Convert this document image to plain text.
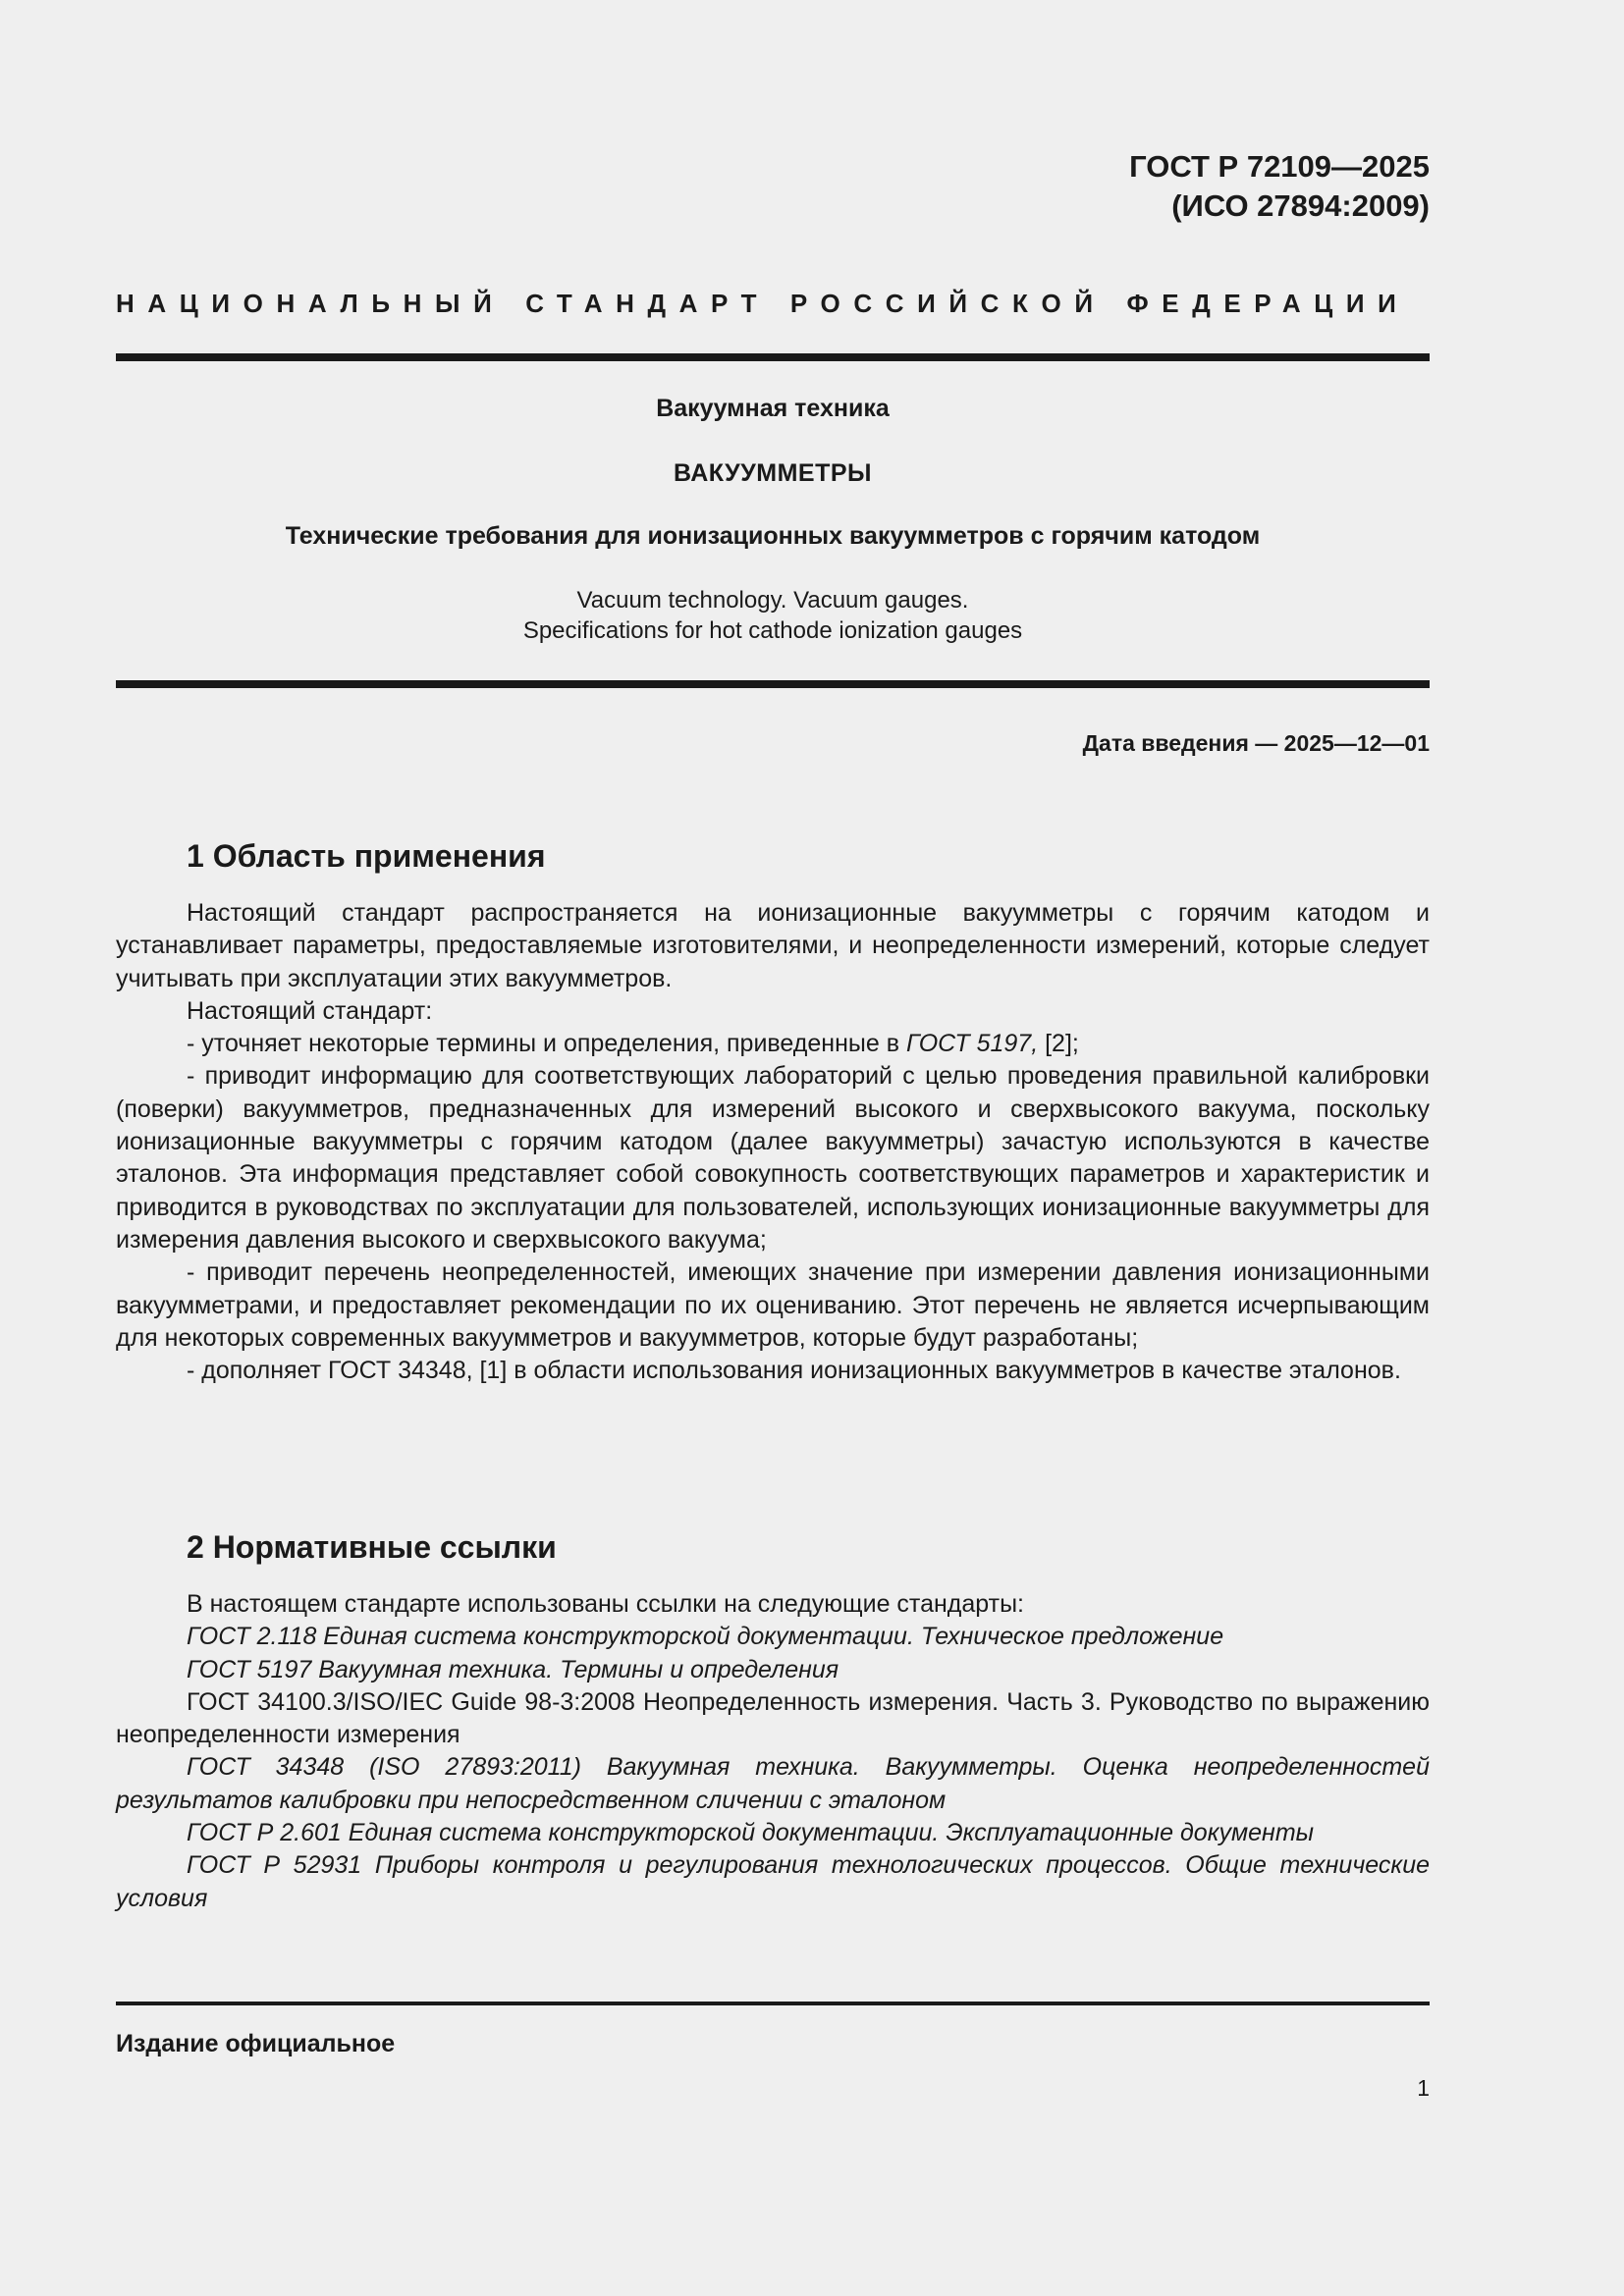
ГОСТ Р 72109—2025
(ИСО 27894:2009)
НАЦИОНАЛЬНЫЙ СТАНДАРТ РОССИЙСКОЙ ФЕДЕРАЦИИ
Вакуумная техника
ВАКУУММЕТРЫ
Технические требования для ионизационных вакуумметров с горячим катодом
Vacuum technology. Vacuum gauges.
Specifications for hot cathode ionization gauges
Дата введения — 2025—12—01
1 Область применения

Настоящий стандарт распространяется на ионизационные вакуумметры с горячим катодом и устанавливает параметры, предоставляемые изготовителями, и неопределенности измерений, которые следует учитывать при эксплуатации этих вакуумметров.

Настоящий стандарт:

- уточняет некоторые термины и определения, приведенные в ГОСТ 5197, [2];

- приводит информацию для соответствующих лабораторий с целью проведения правильной калибровки (поверки) вакуумметров, предназначенных для измерений высокого и сверхвысокого вакуума, поскольку ионизационные вакуумметры с горячим катодом (далее вакуумметры) зачастую используются в качестве эталонов. Эта информация представляет собой совокупность соответствующих параметров и характеристик и приводится в руководствах по эксплуатации для пользователей, использующих ионизационные вакуумметры для измерения давления высокого и сверхвысокого вакуума;

- приводит перечень неопределенностей, имеющих значение при измерении давления ионизационными вакуумметрами, и предоставляет рекомендации по их оцениванию. Этот перечень не является исчерпывающим для некоторых современных вакуумметров и вакуумметров, которые будут разработаны;

- дополняет ГОСТ 34348, [1] в области использования ионизационных вакуумметров в качестве эталонов.

2 Нормативные ссылки

В настоящем стандарте использованы ссылки на следующие стандарты:

ГОСТ 2.118 Единая система конструкторской документации. Техническое предложение

ГОСТ 5197 Вакуумная техника. Термины и определения

ГОСТ 34100.3/ISO/IEC Guide 98-3:2008 Неопределенность измерения. Часть 3. Руководство по выражению неопределенности измерения

ГОСТ 34348 (ISO 27893:2011) Вакуумная техника. Вакуумметры. Оценка неопределенностей результатов калибровки при непосредственном сличении с эталоном

ГОСТ Р 2.601 Единая система конструкторской документации. Эксплуатационные документы

ГОСТ Р 52931 Приборы контроля и регулирования технологических процессов. Общие технические условия

Издание официальное
1
